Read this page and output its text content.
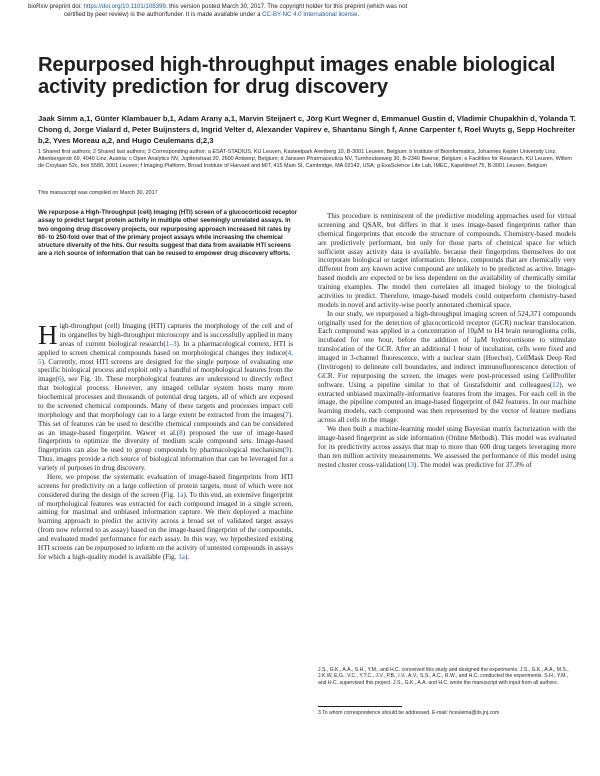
bioRxiv preprint doi: https://doi.org/10.1101/108399. this version posted March 30, 2017. The copyright holder for this preprint (which was not
certified by peer review) is the author/funder. It is made available under a CC-BY-NC 4.0 International license.
Repurposed high-throughput images enable biological activity prediction for drug discovery
Jaak Simm a,1, Günter Klambauer b,1, Adam Arany a,1, Marvin Steijaert c, Jörg Kurt Wegner d, Emmanuel Gustin d, Vladimir Chupakhin d, Yolanda T. Chong d, Jorge Vialard d, Peter Buijnsters d, Ingrid Velter d, Alexander Vapirev e, Shantanu Singh f, Anne Carpenter f, Roel Wuyts g, Sepp Hochreiter b,2, Yves Moreau a,2, and Hugo Ceulemans d,2,3
1 Shared first authors; 2 Shared last authors; 3 Corresponding author; a ESAT-STADIUS, KU Leuven, Kasteelpark Arenberg 10, B-3001 Leuven, Belgium; b Institute of Bioinformatics, Johannes Kepler University Linz, Altenbergerstr 69, 4040 Linz, Austria; c Open Analytics NV, Jupiterstraat 20, 2600 Antwerp, Belgium; d Janssen Pharmaceutica NV, Turnhoutseweg 30, B-2340 Beerse, Belgium; e Facilities for Research, KU Leuven, Willem de Croylaan 52c, box 5580, 3001 Leuven; f Imaging Platform, Broad Institute of Harvard and MIT, 415 Main St, Cambridge, MA 02142, USA; g ExaScience Life Lab, IMEC, Kapeldreef 75, B-3001 Leuven, Belgium
This manuscript was compiled on March 30, 2017
We repurpose a High-Throughput (cell) Imaging (HTI) screen of a glucocorticoid receptor assay to predict target protein activity in multiple other seemingly unrelated assays. In two ongoing drug discovery projects, our repurposing approach increased hit rates by 60- to 250-fold over that of the primary project assays while increasing the chemical structure diversity of the hits. Our results suggest that data from available HTI screens are a rich source of information that can be reused to empower drug discovery efforts.

High-throughput (cell) Imaging (HTI) captures the morphology of the cell and of its organelles by high-throughput microscopy and is successfully applied in many areas of current biological research(1–3). In a pharmacological context, HTI is applied to screen chemical compounds based on morphological changes they induce(4, 5). Currently, most HTI screens are designed for the single purpose of evaluating one specific biological process and exploit only a handful of morphological features from the image(6), see Fig. 1b. These morphological features are understood to directly reflect that biological process. However, any imaged cellular system hosts many more biochemical processes and thousands of potential drug targets, all of which are exposed to the screened chemical compounds. Many of these targets and processes impact cell morphology and that morphology can to a large extent be extracted from the images(7). This set of features can be used to describe chemical compounds and can be considered as an image-based fingerprint. Wawer et al.(8) proposed the use of image-based fingerprints to optimize the diversity of medium scale compound sets. Image-based fingerprints can also be used to group compounds by pharmacological mechanism(9). Thus, images provide a rich source of biological information that can be leveraged for a variety of purposes in drug discovery.

Here, we propose the systematic evaluation of image-based fingerprints from HTI screens for predictivity on a large collection of protein targets, most of which were not considered during the design of the screen (Fig. 1a). To this end, an extensive fingerprint of morphological features was extracted for each compound imaged in a single screen, aiming for maximal and unbiased information capture. We then deployed a machine learning approach to predict the activity across a broad set of validated target assays (from now referred to as assay) based on the image-based fingerprint of the compounds, and evaluated model performance for each assay. In this way, we hypothesized existing HTI screens can be repurposed to inform on the activity of untested compounds in assays for which a high-quality model is available (Fig. 1a).

This procedure is reminiscent of the predictive modeling approaches used for virtual screening and QSAR, but differs in that it uses image-based fingerprints rather than chemical fingerprints that encode the structure of compounds. Chemistry-based models are predictively performant, but only for those parts of chemical space for which sufficient assay activity data is available, because their fingerprints themselves do not incorporate biological or target information. Hence, compounds that are chemically very different from any known active compound are unlikely to be predicted as active. Image-based models are expected to be less dependent on the availability of chemically similar training examples. The model then correlates all imaged biology to the biological activities to predict. Therefore, image-based models could outperform chemistry-based models in novel and activity-wise poorly annotated chemical space.

In our study, we repurposed a high-throughput imaging screen of 524,371 compounds originally used for the detection of glucocorticoid receptor (GCR) nuclear translocation. Each compound was applied in a concentration of 10μM to H4 brain neuroglioma cells, incubated for one hour, before the addition of 1μM hydrocortisone to stimulate translocation of the GCR. After an additional 1 hour of incubation, cells were fixed and imaged in 3-channel fluorescence, with a nuclear stain (Hoechst), CellMask Deep Red (Invitrogen) to delineate cell boundaries, and indirect immunofluorescence detection of GCR. For repurposing the screen, the images were post-processed using CellProfiler software. Using a pipeline similar to that of Gustafsdottir and colleagues(12), we extracted unbiased maximally-informative features from the images. For each cell in the image, the pipeline computed an image-based fingerprint of 842 features. In our machine learning models, each compound was then represented by the vector of feature medians across all cells in the image.

We then built a machine-learning model using Bayesian matrix factorization with the image-based fingerprint as side information (Online Methods). This model was evaluated for its predictivity across assays that map to more than 600 drug targets leveraging more than ten million activity measurements. We assessed the performance of this model using nested cluster cross-validation(13). The model was predictive for 37.3% of

J.S., G.K., A.A., S.H., Y.M., and H.C. conceived this study and designed the experiments. J.S., G.K., A.A., M.S., J.K.W, E.G., V.C., Y.T.C., J.V., P.B., I.V., A.V., S.S., A.C., R.W., and H.C. conducted the experiments. S.H., Y.M., and H.C. supervised this project. J.S., G.K., A.A. and H.C. wrote the manuscript with input from all authors.
3 To whom correspondence should be addressed. E-mail: hceulema@its.jnj.com
